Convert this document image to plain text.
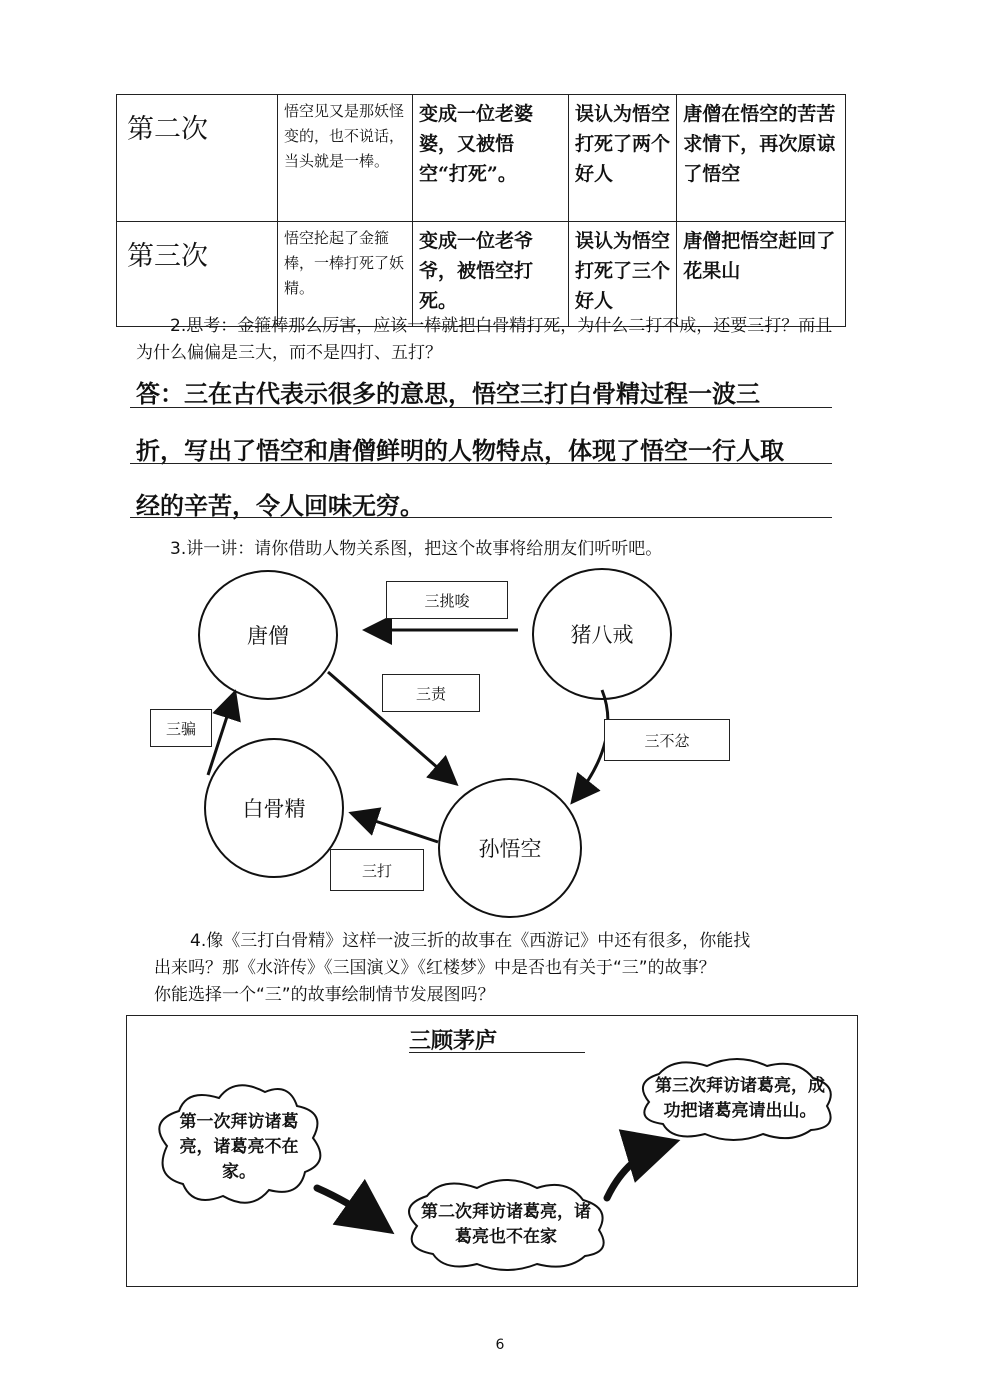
第二次	悟空见又是那妖怪变的，也不说话，当头就是一棒。	变成一位老婆婆，又被悟空“打死”。	误认为悟空打死了两个好人	唐僧在悟空的苦苦求情下，再次原谅了悟空
第三次	悟空抡起了金箍棒，一棒打死了妖精。	变成一位老爷爷，被悟空打死。	误认为悟空打死了三个好人	唐僧把悟空赶回了花果山
2.思考：金箍棒那么厉害，应该一棒就把白骨精打死，为什么二打不成，还要三打？而且为什么偏偏是三大，而不是四打、五打？
答：三在古代表示很多的意思，悟空三打白骨精过程一波三
折，写出了悟空和唐僧鲜明的人物特点，体现了悟空一行人取
经的辛苦，令人回味无穷。
3.讲一讲：请你借助人物关系图，把这个故事将给朋友们听听吧。
唐僧	猪八戒
白骨精
孙悟空
三挑唆
三责
三骗
三不忿
三打
4.像《三打白骨精》这样一波三折的故事在《西游记》中还有很多，你能找
出来吗？那《水浒传》《三国演义》《红楼梦》中是否也有关于“三”的故事？
你能选择一个“三”的故事绘制情节发展图吗？
三顾茅庐
第一次拜访诸葛亮，诸葛亮不在家。
第二次拜访诸葛亮，诸葛亮也不在家
第三次拜访诸葛亮，成功把诸葛亮请出山。
6
